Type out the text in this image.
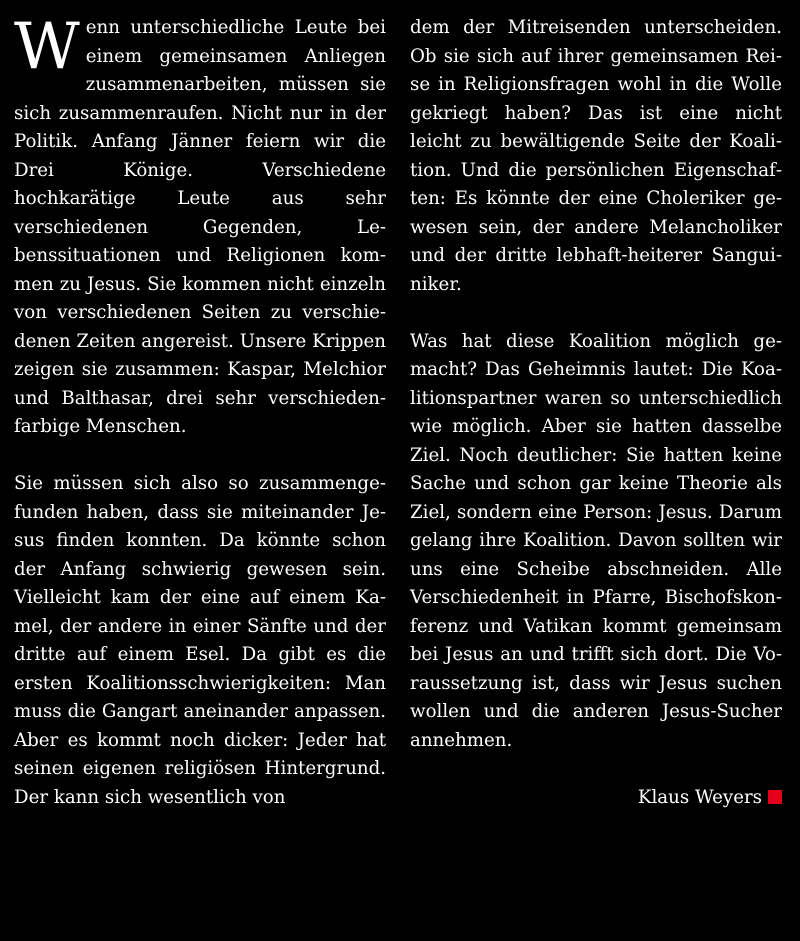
Wenn unterschiedliche Leute bei einem gemeinsamen Anliegen zusammenarbeiten, müssen sie sich zusammenraufen. Nicht nur in der Politik. Anfang Jänner feiern wir die Drei Könige. Verschiedene hochkarätige Leute aus sehr verschiedenen Gegenden, Lebenssituationen und Religionen kommen zu Jesus. Sie kommen nicht einzeln von verschiedenen Seiten zu verschiedenen Zeiten angereist. Unsere Krippen zeigen sie zusammen: Kaspar, Melchior und Balthasar, drei sehr verschiedenfarbige Menschen.

Sie müssen sich also so zusammengefunden haben, dass sie miteinander Jesus finden konnten. Da könnte schon der Anfang schwierig gewesen sein. Vielleicht kam der eine auf einem Kamel, der andere in einer Sänfte und der dritte auf einem Esel. Da gibt es die ersten Koalitionsschwierigkeiten: Man muss die Gangart aneinander anpassen. Aber es kommt noch dicker: Jeder hat seinen eigenen religiösen Hintergrund. Der kann sich wesentlich von

dem der Mitreisenden unterscheiden. Ob sie sich auf ihrer gemeinsamen Reise in Religionsfragen wohl in die Wolle gekriegt haben? Das ist eine nicht leicht zu bewältigende Seite der Koalition. Und die persönlichen Eigenschaften: Es könnte der eine Choleriker gewesen sein, der andere Melancholiker und der dritte lebhaft-heiterer Sanguiniker.

Was hat diese Koalition möglich gemacht? Das Geheimnis lautet: Die Koalitionspartner waren so unterschiedlich wie möglich. Aber sie hatten dasselbe Ziel. Noch deutlicher: Sie hatten keine Sache und schon gar keine Theorie als Ziel, sondern eine Person: Jesus. Darum gelang ihre Koalition. Davon sollten wir uns eine Scheibe abschneiden. Alle Verschiedenheit in Pfarre, Bischofskonferenz und Vatikan kommt gemeinsam bei Jesus an und trifft sich dort. Die Voraussetzung ist, dass wir Jesus suchen wollen und die anderen Jesus-Sucher annehmen.

Klaus Weyers
